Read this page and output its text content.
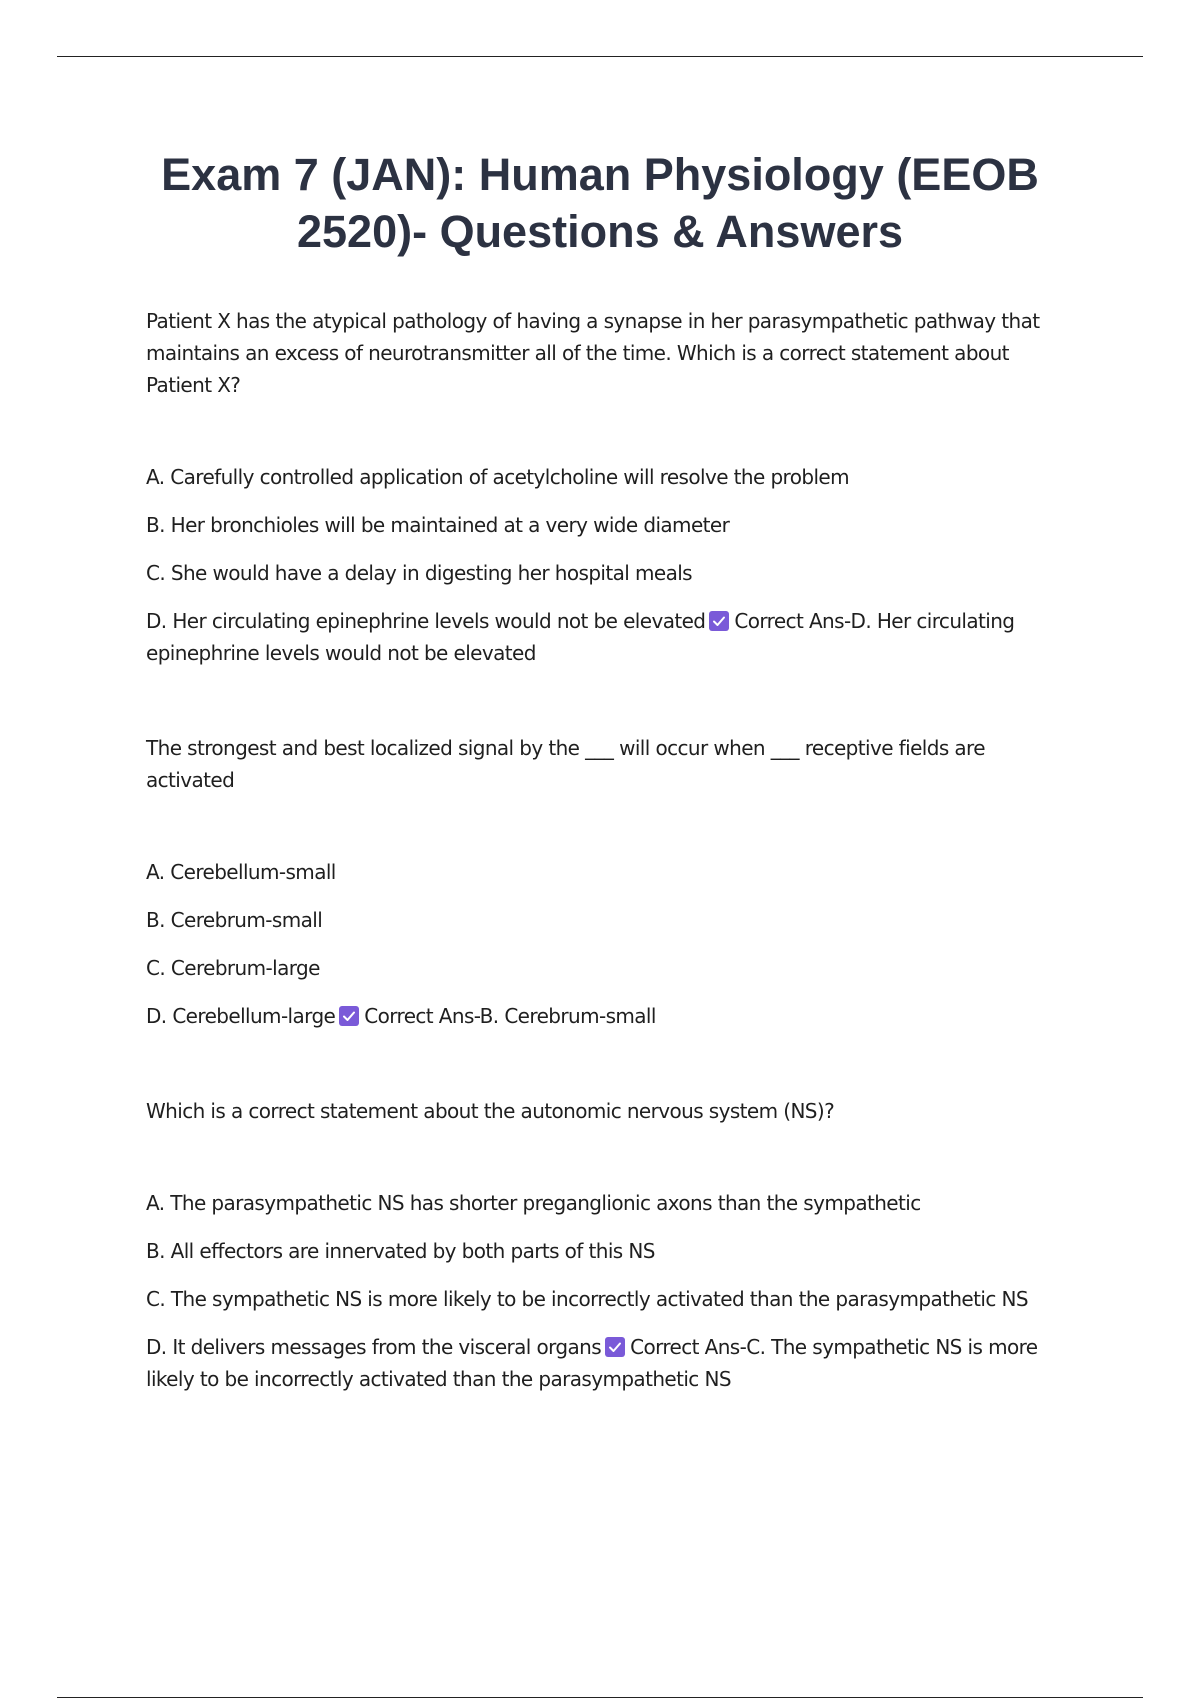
Exam 7 (JAN): Human Physiology (EEOB 2520)- Questions & Answers

Patient X has the atypical pathology of having a synapse in her parasympathetic pathway that maintains an excess of neurotransmitter all of the time. Which is a correct statement about Patient X?

A. Carefully controlled application of acetylcholine will resolve the problem
B. Her bronchioles will be maintained at a very wide diameter
C. She would have a delay in digesting her hospital meals
D. Her circulating epinephrine levels would not be elevated Correct Ans-D. Her circulating epinephrine levels would not be elevated

The strongest and best localized signal by the ___ will occur when ___ receptive fields are activated

A. Cerebellum-small
B. Cerebrum-small
C. Cerebrum-large
D. Cerebellum-large Correct Ans-B. Cerebrum-small

Which is a correct statement about the autonomic nervous system (NS)?

A. The parasympathetic NS has shorter preganglionic axons than the sympathetic
B. All effectors are innervated by both parts of this NS
C. The sympathetic NS is more likely to be incorrectly activated than the parasympathetic NS
D. It delivers messages from the visceral organs Correct Ans-C. The sympathetic NS is more likely to be incorrectly activated than the parasympathetic NS
